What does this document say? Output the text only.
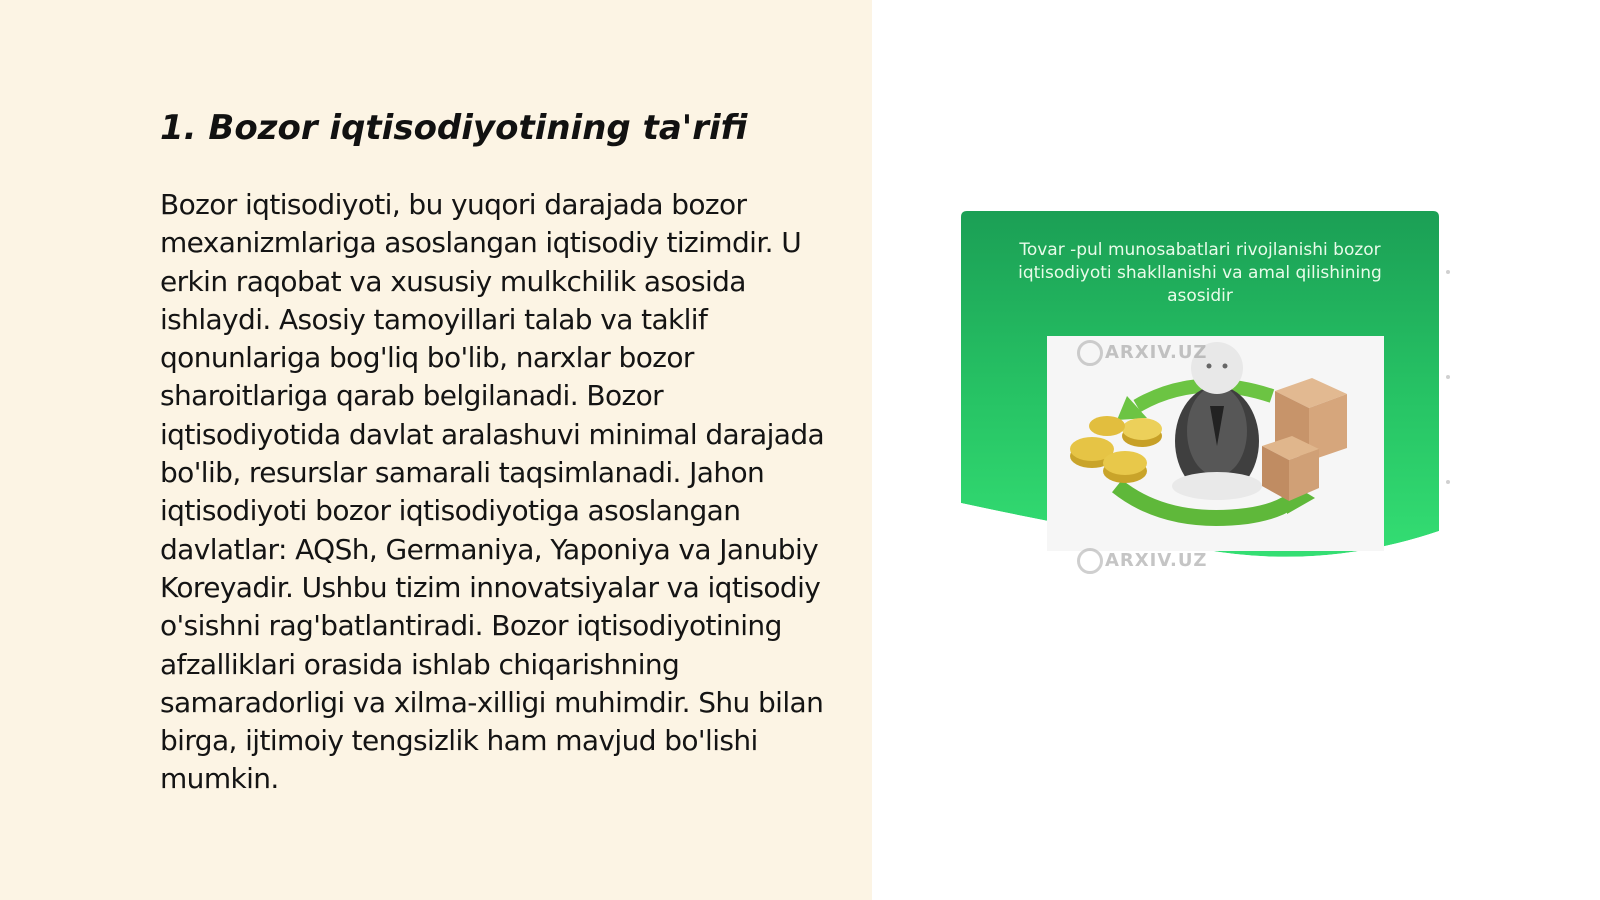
1. Bozor iqtisodiyotining ta'rifi

Bozor iqtisodiyoti, bu yuqori darajada bozor mexanizmlariga asoslangan iqtisodiy tizimdir. U erkin raqobat va xususiy mulkchilik asosida ishlaydi. Asosiy tamoyillari talab va taklif qonunlariga bog'liq bo'lib, narxlar bozor sharoitlariga qarab belgilanadi. Bozor iqtisodiyotida davlat aralashuvi minimal darajada bo'lib, resurslar samarali taqsimlanadi. Jahon iqtisodiyoti bozor iqtisodiyotiga asoslangan davlatlar: AQSh, Germaniya, Yaponiya va Janubiy Koreyadir. Ushbu tizim innovatsiyalar va iqtisodiy o'sishni rag'batlantiradi. Bozor iqtisodiyotining afzalliklari orasida ishlab chiqarishning samaradorligi va xilma-xilligi muhimdir. Shu bilan birga, ijtimoiy tengsizlik ham mavjud bo'lishi mumkin.

Tovar -pul munosabatlari rivojlanishi bozor iqtisodiyoti shakllanishi va amal qilishining asosidir

ARXIV.UZ
ARXIV.UZ
